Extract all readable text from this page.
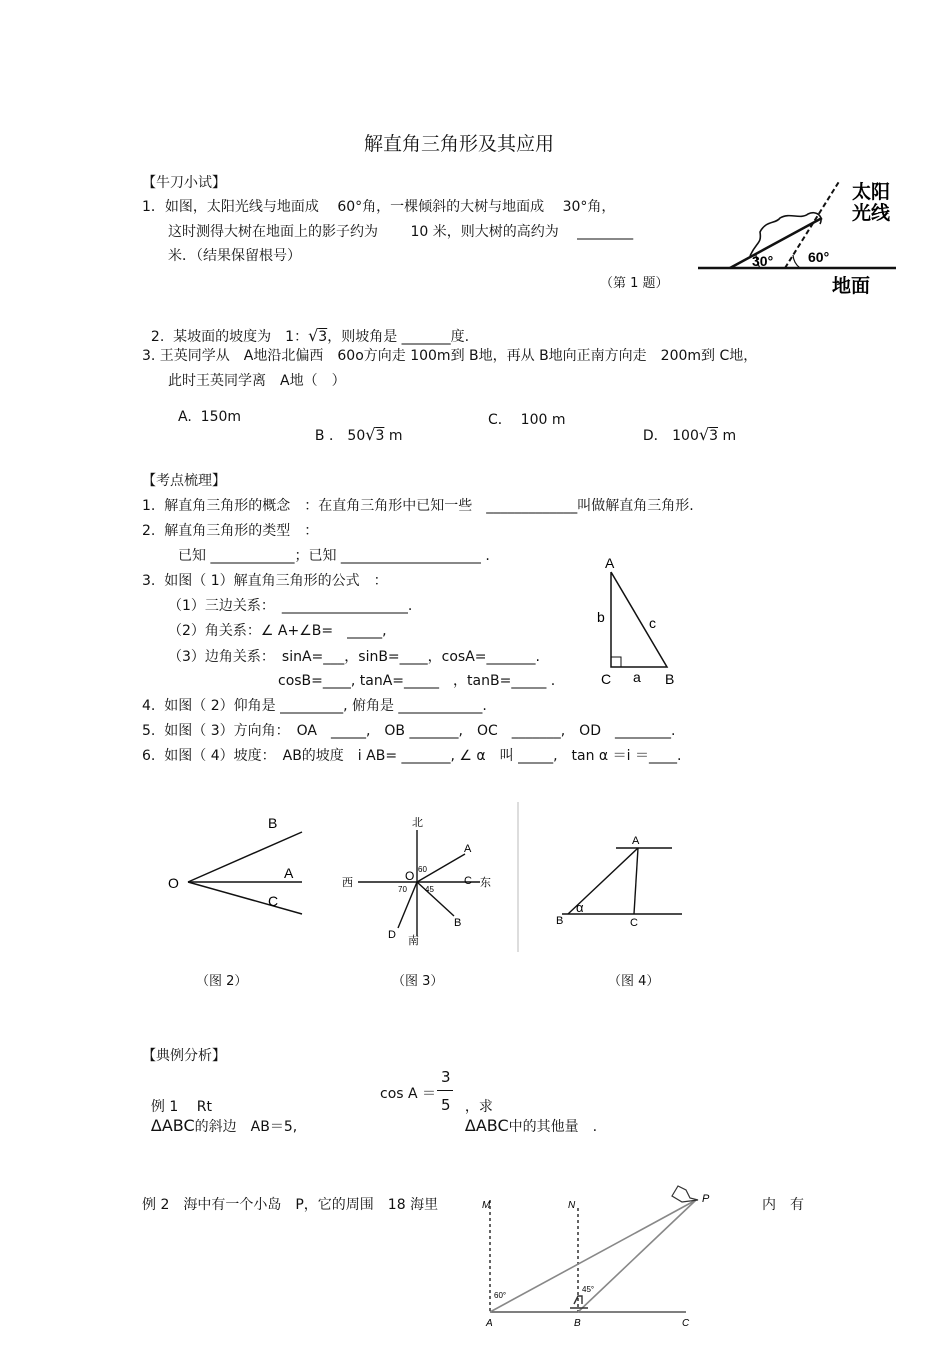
解直角三角形及其应用
【牛刀小试】
1．如图，太阳光线与地面成　 60°角，一棵倾斜的大树与地面成　 30°角，
这时测得大树在地面上的影子约为　　 10 米，则大树的高约为　 ________
米．（结果保留根号）
（第 1 题）
太阳
光线
30° 60°
地面

2.  某坡面的坡度为　1：√3，则坡角是 _______度.

3. 王英同学从　A地沿北偏西　60o方向走 100m到 B地，再从 B地向正南方向走　200m到 C地，
此时王英同学离　A地（　）
A.  150m

B ． 50√3 m

C．  100 m

D． 100√3 m

【考点梳理】
1.  解直角三角形的概念　：在直角三角形中已知一些　_____________叫做解直角三角形.
2.  解直角三角形的类型　：
已知 ____________；已知 ____________________ .
3.  如图（ 1）解直角三角形的公式　：
（1）三边关系：　__________________.
（2）角关系：∠ A+∠B=　_____,
（3）边角关系：　sinA=___，sinB=____，cosA=_______.
cosB=____, tanA=_____　，tanB=_____ .
4.  如图（ 2）仰角是 _________, 俯角是 ____________.
5.  如图（ 3）方向角：　OA　_____,　OB _______,　OC　_______,　OD　________.
6.  如图（ 4）坡度：　AB的坡度　i AB= _______, ∠ α　叫 _____,　tan α ＝i ＝____.
A
b	c
C a B
B
A
O
C
（图 2）
北
南
西	东
A
C
B
D
O 60
70 45
（图 3）
A
B	C
α
（图 4）
【典例分析】

例 1　 Rt
ΔABC的斜边　AB＝5,

cos A ＝
3
5	，求
ΔABC中的其他量　.

例 2　海中有一个小岛　P，它的周围　18 海里	内　有
M	N
P
A	B	C
60°
45°
